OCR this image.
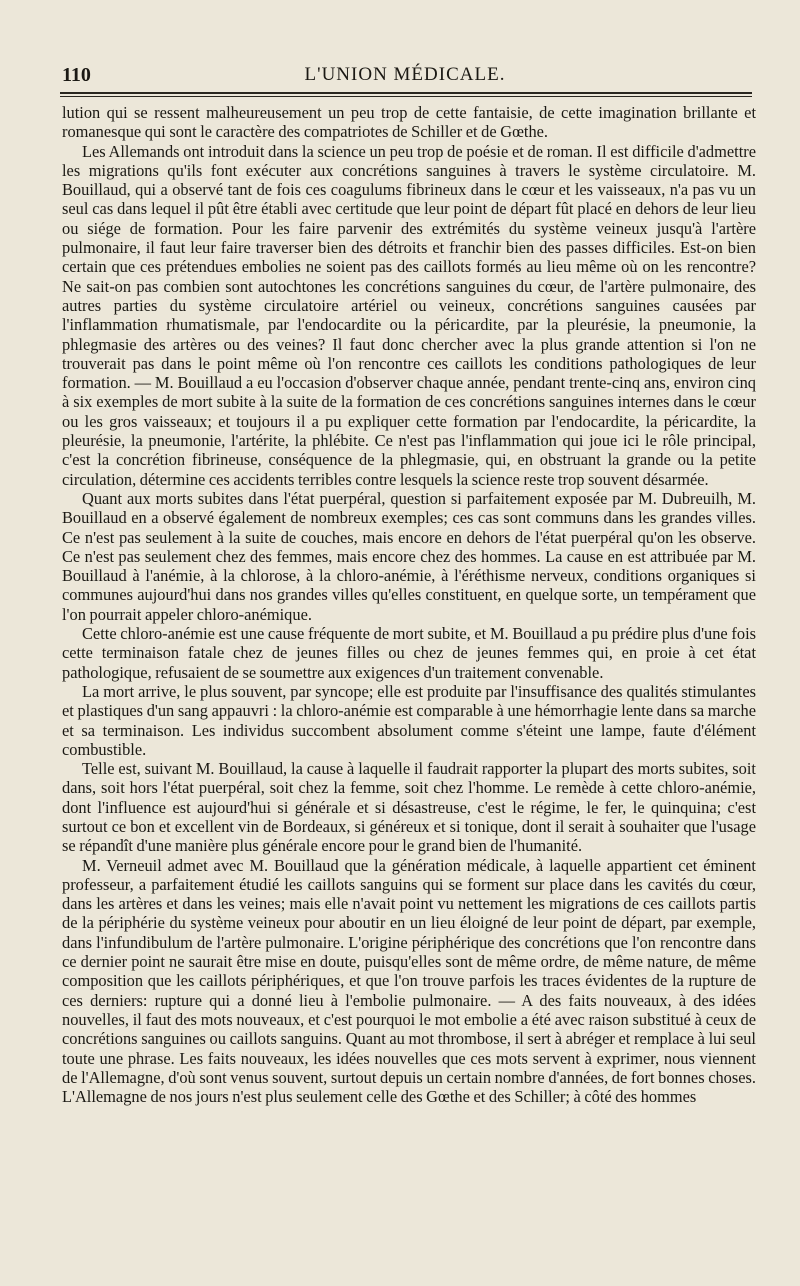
110	L'UNION MÉDICALE.

lution qui se ressent malheureusement un peu trop de cette fantaisie, de cette imagination brillante et romanesque qui sont le caractère des compatriotes de Schiller et de Gœthe.

Les Allemands ont introduit dans la science un peu trop de poésie et de roman. Il est difficile d'admettre les migrations qu'ils font exécuter aux concrétions sanguines à travers le système circulatoire. M. Bouillaud, qui a observé tant de fois ces coagulums fibrineux dans le cœur et les vaisseaux, n'a pas vu un seul cas dans lequel il pût être établi avec certitude que leur point de départ fût placé en dehors de leur lieu ou siége de formation. Pour les faire parvenir des extrémités du système veineux jusqu'à l'artère pulmonaire, il faut leur faire traverser bien des détroits et franchir bien des passes difficiles. Est-on bien certain que ces prétendues embolies ne soient pas des caillots formés au lieu même où on les rencontre? Ne sait-on pas combien sont autochtones les concrétions sanguines du cœur, de l'artère pulmonaire, des autres parties du système circulatoire artériel ou veineux, concrétions sanguines causées par l'inflammation rhumatismale, par l'endocardite ou la péricardite, par la pleurésie, la pneumonie, la phlegmasie des artères ou des veines? Il faut donc chercher avec la plus grande attention si l'on ne trouverait pas dans le point même où l'on rencontre ces caillots les conditions pathologiques de leur formation. — M. Bouillaud a eu l'occasion d'observer chaque année, pendant trente-cinq ans, environ cinq à six exemples de mort subite à la suite de la formation de ces concrétions sanguines internes dans le cœur ou les gros vaisseaux; et toujours il a pu expliquer cette formation par l'endocardite, la péricardite, la pleurésie, la pneumonie, l'artérite, la phlébite. Ce n'est pas l'inflammation qui joue ici le rôle principal, c'est la concrétion fibrineuse, conséquence de la phlegmasie, qui, en obstruant la grande ou la petite circulation, détermine ces accidents terribles contre lesquels la science reste trop souvent désarmée.

Quant aux morts subites dans l'état puerpéral, question si parfaitement exposée par M. Dubreuilh, M. Bouillaud en a observé également de nombreux exemples; ces cas sont communs dans les grandes villes. Ce n'est pas seulement à la suite de couches, mais encore en dehors de l'état puerpéral qu'on les observe. Ce n'est pas seulement chez des femmes, mais encore chez des hommes. La cause en est attribuée par M. Bouillaud à l'anémie, à la chlorose, à la chloro-anémie, à l'éréthisme nerveux, conditions organiques si communes aujourd'hui dans nos grandes villes qu'elles constituent, en quelque sorte, un tempérament que l'on pourrait appeler chloro-anémique.

Cette chloro-anémie est une cause fréquente de mort subite, et M. Bouillaud a pu prédire plus d'une fois cette terminaison fatale chez de jeunes filles ou chez de jeunes femmes qui, en proie à cet état pathologique, refusaient de se soumettre aux exigences d'un traitement convenable.

La mort arrive, le plus souvent, par syncope; elle est produite par l'insuffisance des qualités stimulantes et plastiques d'un sang appauvri : la chloro-anémie est comparable à une hémorrhagie lente dans sa marche et sa terminaison. Les individus succombent absolument comme s'éteint une lampe, faute d'élément combustible.

Telle est, suivant M. Bouillaud, la cause à laquelle il faudrait rapporter la plupart des morts subites, soit dans, soit hors l'état puerpéral, soit chez la femme, soit chez l'homme. Le remède à cette chloro-anémie, dont l'influence est aujourd'hui si générale et si désastreuse, c'est le régime, le fer, le quinquina; c'est surtout ce bon et excellent vin de Bordeaux, si généreux et si tonique, dont il serait à souhaiter que l'usage se répandît d'une manière plus générale encore pour le grand bien de l'humanité.

M. Verneuil admet avec M. Bouillaud que la génération médicale, à laquelle appartient cet éminent professeur, a parfaitement étudié les caillots sanguins qui se forment sur place dans les cavités du cœur, dans les artères et dans les veines; mais elle n'avait point vu nettement les migrations de ces caillots partis de la périphérie du système veineux pour aboutir en un lieu éloigné de leur point de départ, par exemple, dans l'infundibulum de l'artère pulmonaire. L'origine périphérique des concrétions que l'on rencontre dans ce dernier point ne saurait être mise en doute, puisqu'elles sont de même ordre, de même nature, de même composition que les caillots périphériques, et que l'on trouve parfois les traces évidentes de la rupture de ces derniers: rupture qui a donné lieu à l'embolie pulmonaire. — A des faits nouveaux, à des idées nouvelles, il faut des mots nouveaux, et c'est pourquoi le mot embolie a été avec raison substitué à ceux de concrétions sanguines ou caillots sanguins. Quant au mot thrombose, il sert à abréger et remplace à lui seul toute une phrase. Les faits nouveaux, les idées nouvelles que ces mots servent à exprimer, nous viennent de l'Allemagne, d'où sont venus souvent, surtout depuis un certain nombre d'années, de fort bonnes choses. L'Allemagne de nos jours n'est plus seulement celle des Gœthe et des Schiller; à côté des hommes
